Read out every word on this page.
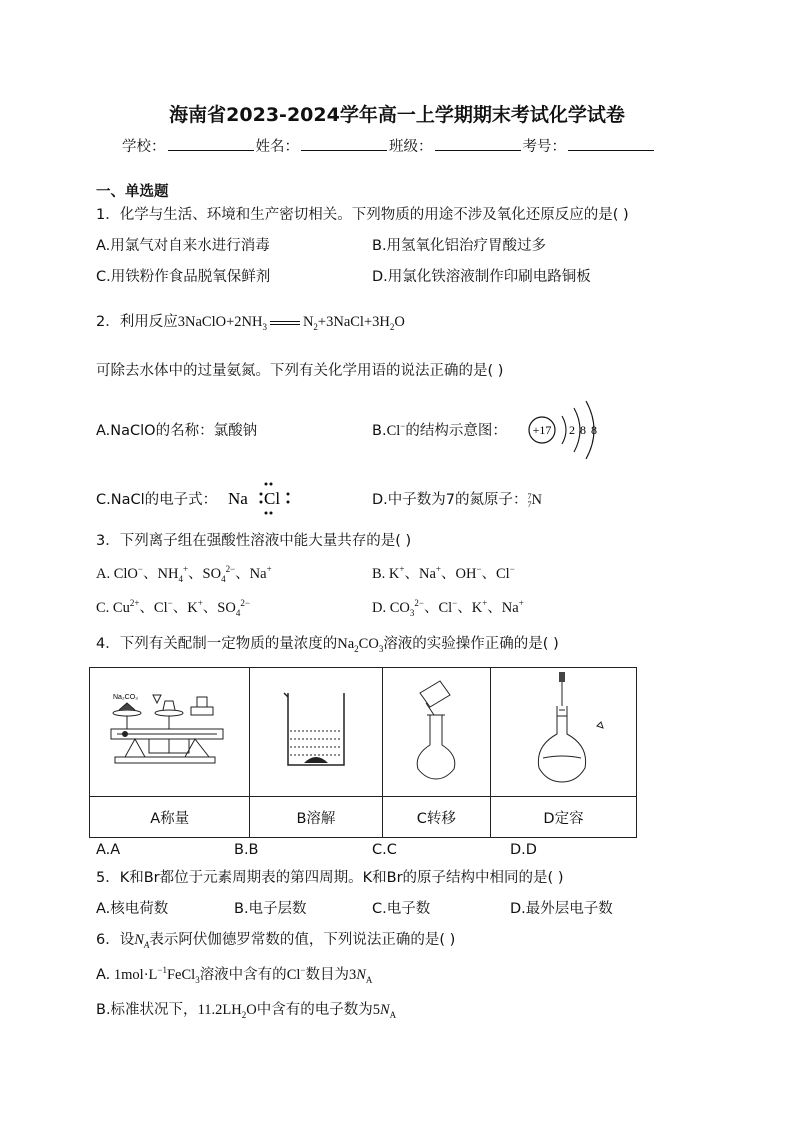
海南省2023-2024学年高一上学期期末考试化学试卷
学校：	姓名：	班级：	考号：
一、单选题
1．化学与生活、环境和生产密切相关。下列物质的用途不涉及氧化还原反应的是( )
A.用氯气对自来水进行消毒	B.用氢氧化铝治疗胃酸过多
C.用铁粉作食品脱氧保鲜剂	D.用氯化铁溶液制作印刷电路铜板
2．利用反应$3NaClO+2NH_3$ $N_2+3NaCl+3H_2O$
可除去水体中的过量氨氮。下列有关化学用语的说法正确的是( )
A.NaClO的名称：氯酸钠	B.Cl−的结构示意图： +17 2 8 8
C.NaCl的电子式： Na Cl	D.中子数为7的氮原子：7
7N
3．下列离子组在强酸性溶液中能大量共存的是( )
A. ClO−、$NH_4^+$、$SO_4^{2-}$、Na+	B. K+、Na+、OH−、Cl−
C. $Cu^{2+}$、Cl−、K+、$SO_4^{2-}$	D. $CO_3^{2-}$、Cl−、K+、Na+
4．下列有关配制一定物质的量浓度的$Na_2CO_3$溶液的实验操作正确的是( )
Na₂CO₃

A称量	B溶解	C转移	D定容
A.A	B.B	C.C	D.D
5．K和Br都位于元素周期表的第四周期。K和Br的原子结构中相同的是( )
A.核电荷数	B.电子层数	C.电子数	D.最外层电子数
6．设$N_A$表示阿伏伽德罗常数的值，下列说法正确的是( )
A. $1mol\cdot L^{-1}FeCl_3$溶液中含有的Cl−数目为$3N_A$
B.标准状况下，$11.2LH_2O$中含有的电子数为$5N_A$
